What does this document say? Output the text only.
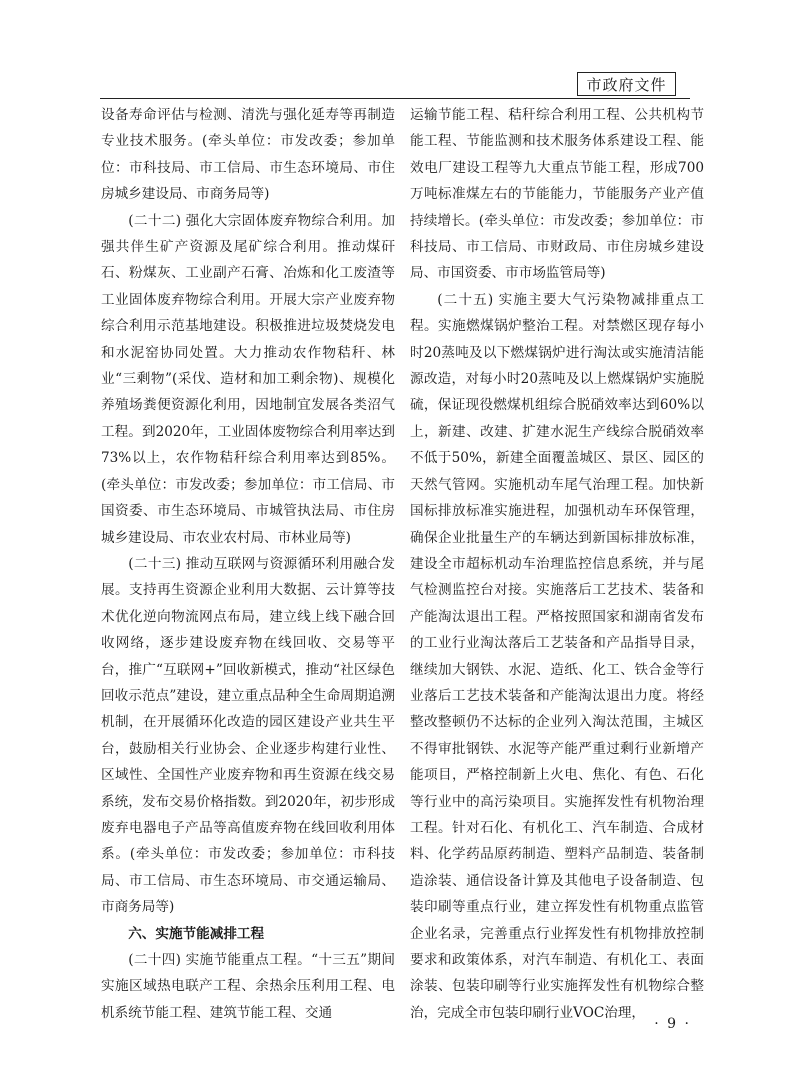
市政府文件

设备寿命评估与检测、清洗与强化延寿等再制造专业技术服务。(牵头单位：市发改委；参加单位：市科技局、市工信局、市生态环境局、市住房城乡建设局、市商务局等)

(二十二) 强化大宗固体废弃物综合利用。加强共伴生矿产资源及尾矿综合利用。推动煤矸石、粉煤灰、工业副产石膏、冶炼和化工废渣等工业固体废弃物综合利用。开展大宗产业废弃物综合利用示范基地建设。积极推进垃圾焚烧发电和水泥窑协同处置。大力推动农作物秸秆、林业“三剩物”(采伐、造材和加工剩余物)、规模化养殖场粪便资源化利用，因地制宜发展各类沼气工程。到2020年，工业固体废物综合利用率达到73%以上，农作物秸秆综合利用率达到85%。(牵头单位：市发改委；参加单位：市工信局、市国资委、市生态环境局、市城管执法局、市住房城乡建设局、市农业农村局、市林业局等)

(二十三) 推动互联网与资源循环利用融合发展。支持再生资源企业利用大数据、云计算等技术优化逆向物流网点布局，建立线上线下融合回收网络，逐步建设废弃物在线回收、交易等平台，推广“互联网+”回收新模式，推动“社区绿色回收示范点”建设，建立重点品种全生命周期追溯机制，在开展循环化改造的园区建设产业共生平台，鼓励相关行业协会、企业逐步构建行业性、区域性、全国性产业废弃物和再生资源在线交易系统，发布交易价格指数。到2020年，初步形成废弃电器电子产品等高值废弃物在线回收利用体系。(牵头单位：市发改委；参加单位：市科技局、市工信局、市生态环境局、市交通运输局、市商务局等)

六、实施节能减排工程

(二十四) 实施节能重点工程。“十三五”期间实施区域热电联产工程、余热余压利用工程、电机系统节能工程、建筑节能工程、交通

运输节能工程、秸秆综合利用工程、公共机构节能工程、节能监测和技术服务体系建设工程、能效电厂建设工程等九大重点节能工程，形成700万吨标准煤左右的节能能力，节能服务产业产值持续增长。(牵头单位：市发改委；参加单位：市科技局、市工信局、市财政局、市住房城乡建设局、市国资委、市市场监管局等)

(二十五) 实施主要大气污染物减排重点工程。实施燃煤锅炉整治工程。对禁燃区现存每小时20蒸吨及以下燃煤锅炉进行淘汰或实施清洁能源改造，对每小时20蒸吨及以上燃煤锅炉实施脱硫，保证现役燃煤机组综合脱硝效率达到60%以上，新建、改建、扩建水泥生产线综合脱硝效率不低于50%，新建全面覆盖城区、景区、园区的天然气管网。实施机动车尾气治理工程。加快新国标排放标准实施进程，加强机动车环保管理，确保企业批量生产的车辆达到新国标排放标准，建设全市超标机动车治理监控信息系统，并与尾气检测监控台对接。实施落后工艺技术、装备和产能淘汰退出工程。严格按照国家和湖南省发布的工业行业淘汰落后工艺装备和产品指导目录，继续加大钢铁、水泥、造纸、化工、铁合金等行业落后工艺技术装备和产能淘汰退出力度。将经整改整顿仍不达标的企业列入淘汰范围，主城区不得审批钢铁、水泥等产能严重过剩行业新增产能项目，严格控制新上火电、焦化、有色、石化等行业中的高污染项目。实施挥发性有机物治理工程。针对石化、有机化工、汽车制造、合成材料、化学药品原药制造、塑料产品制造、装备制造涂装、通信设备计算及其他电子设备制造、包装印刷等重点行业，建立挥发性有机物重点监管企业名录，完善重点行业挥发性有机物排放控制要求和政策体系，对汽车制造、有机化工、表面涂装、包装印刷等行业实施挥发性有机物综合整治，完成全市包装印刷行业VOC治理，

· 9 ·
